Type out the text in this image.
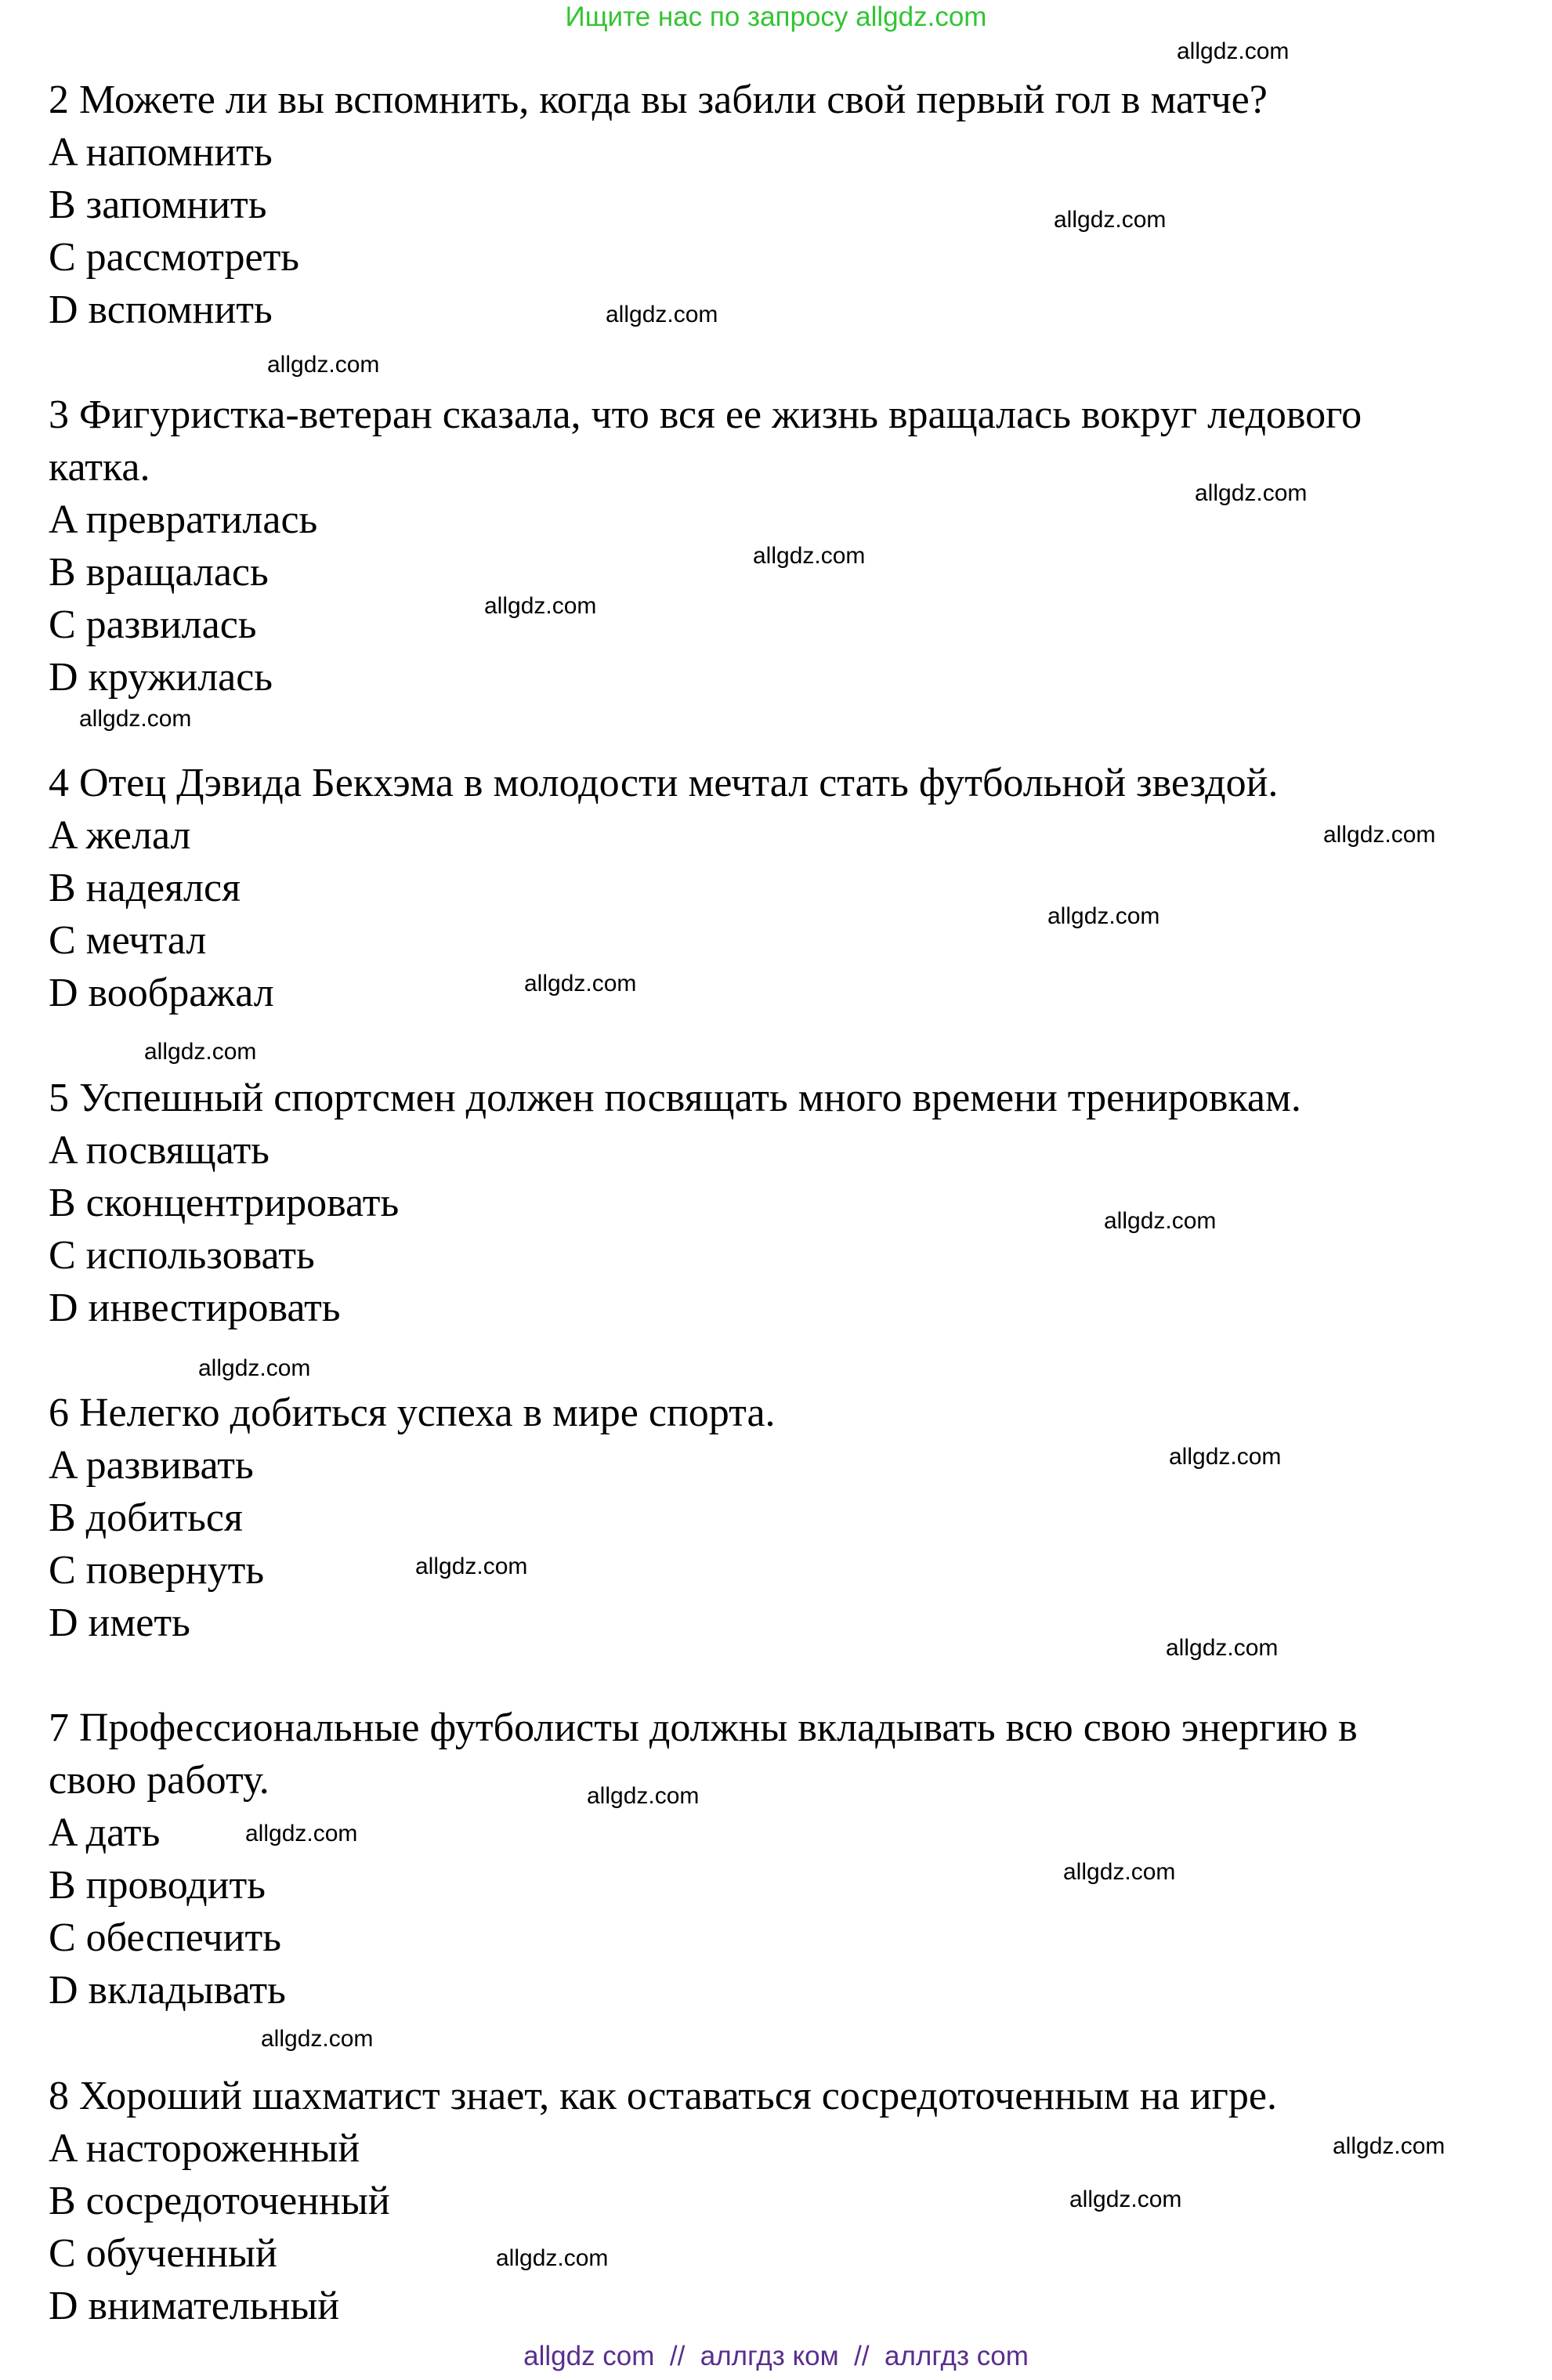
Ищите нас по запросу allgdz.com
2 Можете ли вы вспомнить, когда вы забили свой первый гол в матче?
A напомнить
B запомнить
C рассмотреть
D вспомнить
3 Фигуристка-ветеран сказала, что вся ее жизнь вращалась вокруг ледового
катка.
A превратилась
B вращалась
C развилась
D кружилась
4 Отец Дэвида Бекхэма в молодости мечтал стать футбольной звездой.
A желал
B надеялся
C мечтал
D воображал
5 Успешный спортсмен должен посвящать много времени тренировкам.
A посвящать
B сконцентрировать
C использовать
D инвестировать
6 Нелегко добиться успеха в мире спорта.
A развивать
B добиться
C повернуть
D иметь
7 Профессиональные футболисты должны вкладывать всю свою энергию в
свою работу.
A дать
B проводить
C обеспечить
D вкладывать
8 Хороший шахматист знает, как оставаться сосредоточенным на игре.
A настороженный
B сосредоточенный
C обученный
D внимательный
allgdz.com
allgdz.com
allgdz.com
allgdz.com
allgdz.com
allgdz.com
allgdz.com
allgdz.com
allgdz.com
allgdz.com
allgdz.com
allgdz.com
allgdz.com
allgdz.com
allgdz.com
allgdz.com
allgdz.com
allgdz.com
allgdz.com
allgdz.com
allgdz.com
allgdz.com
allgdz.com
allgdz.com
allgdz com  //  аллгдз ком  //  аллгдз com
